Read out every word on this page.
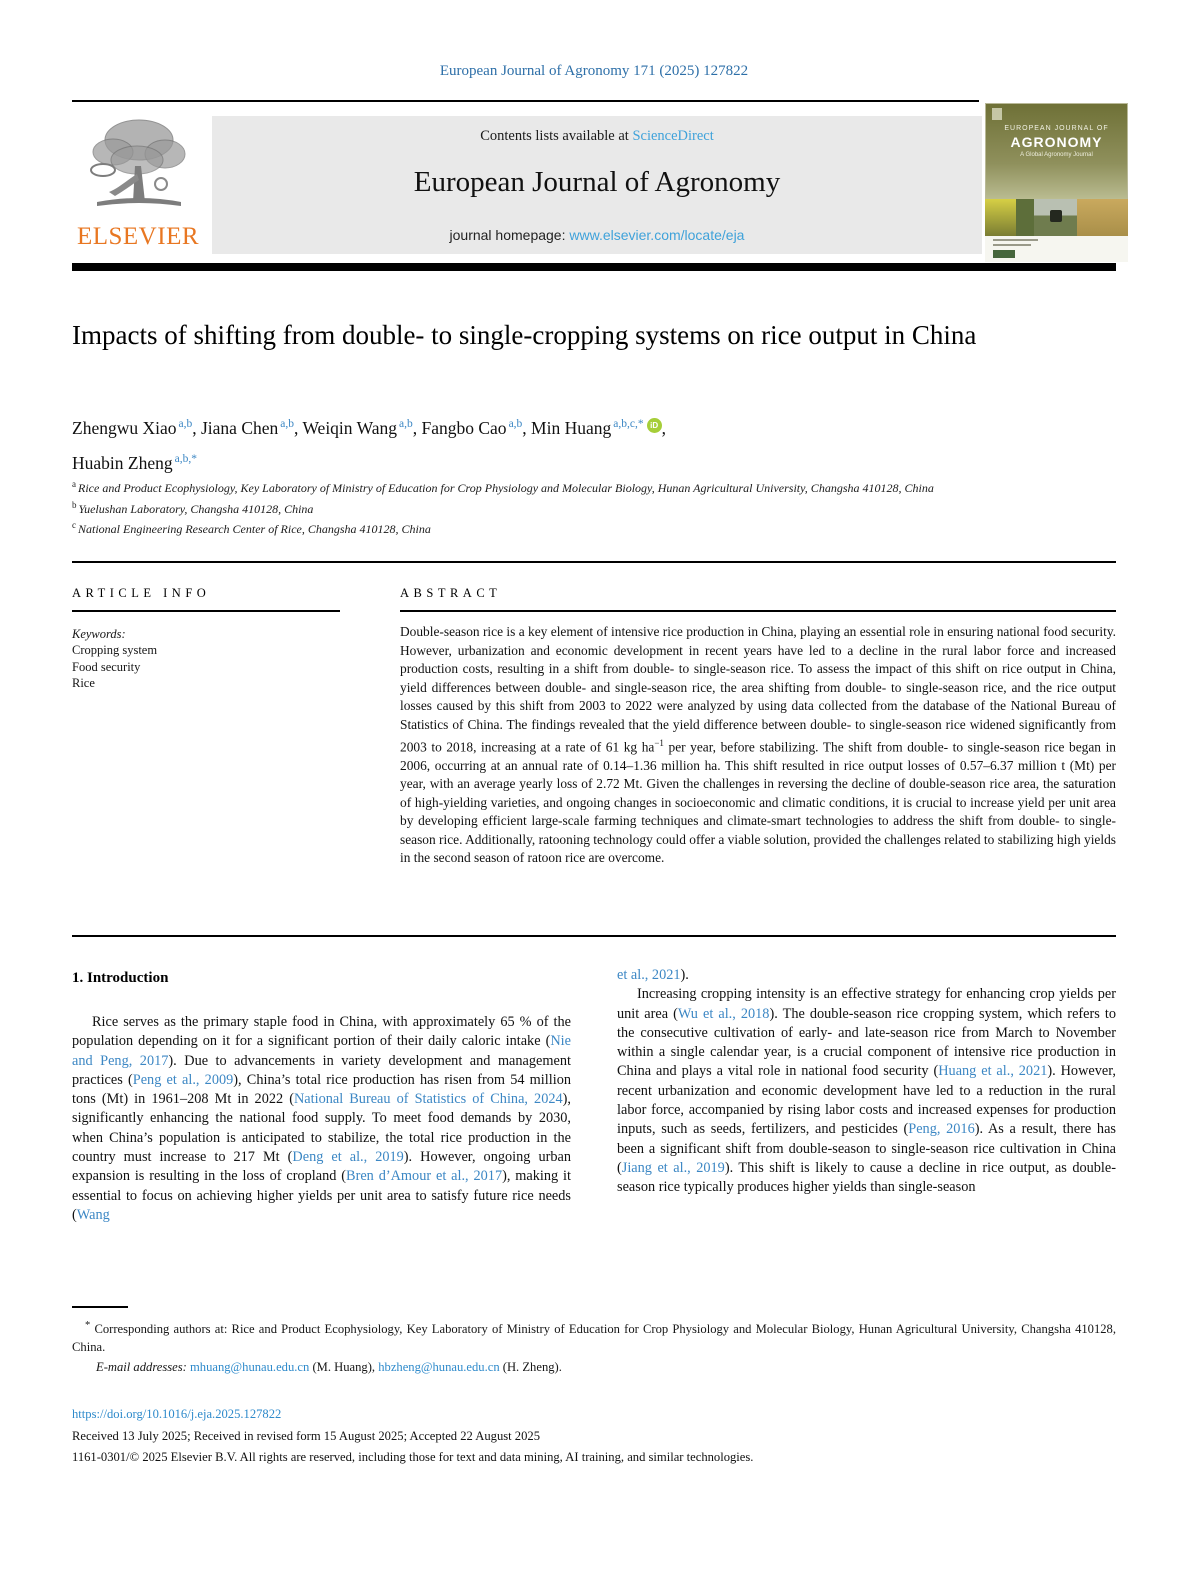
European Journal of Agronomy 171 (2025) 127822
ELSEVIER
Contents lists available at ScienceDirect
European Journal of Agronomy
journal homepage: www.elsevier.com/locate/eja
EUROPEAN JOURNAL OF
AGRONOMY
A Global Agronomy Journal
Impacts of shifting from double- to single-cropping systems on rice output in China
Zhengwu Xiao $^{a,b}$, Jiana Chen $^{a,b}$, Weiqin Wang $^{a,b}$, Fangbo Cao $^{a,b}$, Min Huang $^{a,b,c,*}$ iD ,
Huabin Zheng $^{a,b,*}$
$^a$ Rice and Product Ecophysiology, Key Laboratory of Ministry of Education for Crop Physiology and Molecular Biology, Hunan Agricultural University, Changsha 410128, China
$^b$ Yuelushan Laboratory, Changsha 410128, China
$^c$ National Engineering Research Center of Rice, Changsha 410128, China
ARTICLE INFO
Keywords:
Cropping system
Food security
Rice
ABSTRACT

Double-season rice is a key element of intensive rice production in China, playing an essential role in ensuring national food security. However, urbanization and economic development in recent years have led to a decline in the rural labor force and increased production costs, resulting in a shift from double- to single-season rice. To assess the impact of this shift on rice output in China, yield differences between double- and single-season rice, the area shifting from double- to single-season rice, and the rice output losses caused by this shift from 2003 to 2022 were analyzed by using data collected from the database of the National Bureau of Statistics of China. The findings revealed that the yield difference between double- to single-season rice widened significantly from 2003 to 2018, increasing at a rate of 61 kg $ha^{-1}$ per year, before stabilizing. The shift from double- to single-season rice began in 2006, occurring at an annual rate of 0.14–1.36 million ha. This shift resulted in rice output losses of 0.57–6.37 million t (Mt) per year, with an average yearly loss of 2.72 Mt. Given the challenges in reversing the decline of double-season rice area, the saturation of high-yielding varieties, and ongoing changes in socioeconomic and climatic conditions, it is crucial to increase yield per unit area by developing efficient large-scale farming techniques and climate-smart technologies to address the shift from double- to single-season rice. Additionally, ratooning technology could offer a viable solution, provided the challenges related to stabilizing high yields in the second season of ratoon rice are overcome.

1. Introduction

Rice serves as the primary staple food in China, with approximately 65 % of the population depending on it for a significant portion of their daily caloric intake (Nie and Peng, 2017). Due to advancements in variety development and management practices (Peng et al., 2009), China’s total rice production has risen from 54 million tons (Mt) in 1961–208 Mt in 2022 (National Bureau of Statistics of China, 2024), significantly enhancing the national food supply. To meet food demands by 2030, when China’s population is anticipated to stabilize, the total rice production in the country must increase to 217 Mt (Deng et al., 2019). However, ongoing urban expansion is resulting in the loss of cropland (Bren d’Amour et al., 2017), making it essential to focus on achieving higher yields per unit area to satisfy future rice needs (Wang

et al., 2021).

Increasing cropping intensity is an effective strategy for enhancing crop yields per unit area (Wu et al., 2018). The double-season rice cropping system, which refers to the consecutive cultivation of early- and late-season rice from March to November within a single calendar year, is a crucial component of intensive rice production in China and plays a vital role in national food security (Huang et al., 2021). However, recent urbanization and economic development have led to a reduction in the rural labor force, accompanied by rising labor costs and increased expenses for production inputs, such as seeds, fertilizers, and pesticides (Peng, 2016). As a result, there has been a significant shift from double-season to single-season rice cultivation in China (Jiang et al., 2019). This shift is likely to cause a decline in rice output, as double-season rice typically produces higher yields than single-season

* Corresponding authors at: Rice and Product Ecophysiology, Key Laboratory of Ministry of Education for Crop Physiology and Molecular Biology, Hunan Agricultural University, Changsha 410128, China.
E-mail addresses: mhuang@hunau.edu.cn (M. Huang), hbzheng@hunau.edu.cn (H. Zheng).
https://doi.org/10.1016/j.eja.2025.127822
Received 13 July 2025; Received in revised form 15 August 2025; Accepted 22 August 2025
1161-0301/© 2025 Elsevier B.V. All rights are reserved, including those for text and data mining, AI training, and similar technologies.
